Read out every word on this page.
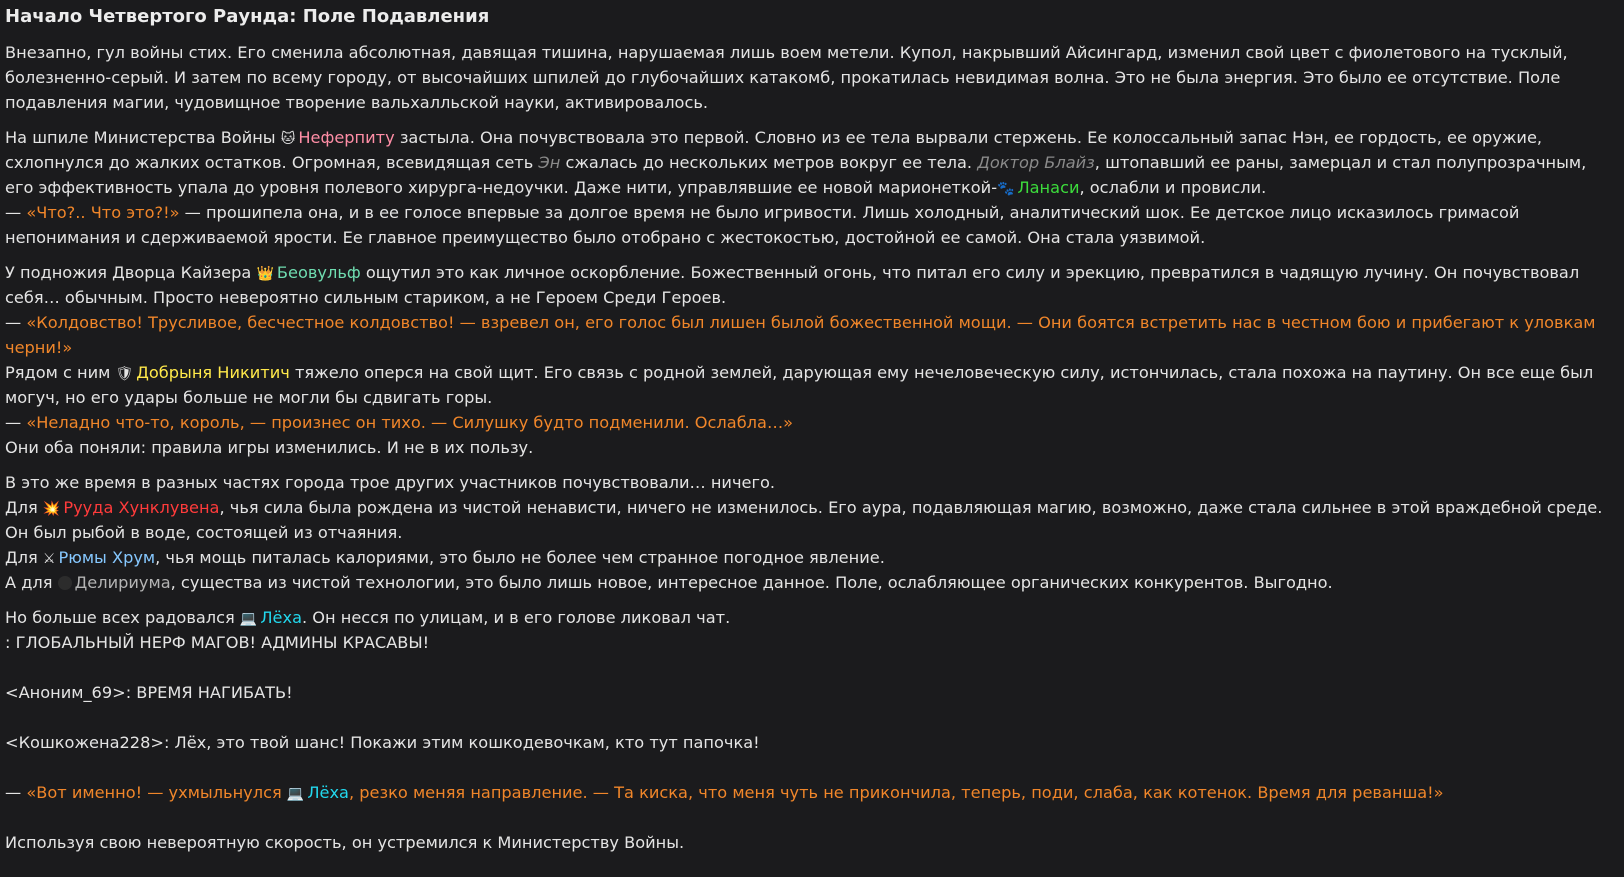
Начало Четвертого Раунда: Поле Подавления

Внезапно, гул войны стих. Его сменила абсолютная, давящая тишина, нарушаемая лишь воем метели. Купол, накрывший Айсингард, изменил свой цвет с фиолетового на тусклый, болезненно-серый. И затем по всему городу, от высочайших шпилей до глубочайших катакомб, прокатилась невидимая волна. Это не была энергия. Это было ее отсутствие. Поле подавления магии, чудовищное творение вальхалльской науки, активировалось.

На шпиле Министерства Войны 🐱 Неферпиту застыла. Она почувствовала это первой. Словно из ее тела вырвали стержень. Ее колоссальный запас Нэн, ее гордость, ее оружие, схлопнулся до жалких остатков. Огромная, всевидящая сеть Эн сжалась до нескольких метров вокруг ее тела. Доктор Блайз, штопавший ее раны, замерцал и стал полупрозрачным, его эффективность упала до уровня полевого хирурга-недоучки. Даже нити, управлявшие ее новой марионеткой-🐾 Ланаси, ослабли и провисли.
— «Что?.. Что это?!» — прошипела она, и в ее голосе впервые за долгое время не было игривости. Лишь холодный, аналитический шок. Ее детское лицо исказилось гримасой непонимания и сдерживаемой ярости. Ее главное преимущество было отобрано с жестокостью, достойной ее самой. Она стала уязвимой.

У подножия Дворца Кайзера 👑 Беовульф ощутил это как личное оскорбление. Божественный огонь, что питал его силу и эрекцию, превратился в чадящую лучину. Он почувствовал себя… обычным. Просто невероятно сильным стариком, а не Героем Среди Героев.
— «Колдовство! Трусливое, бесчестное колдовство! — взревел он, его голос был лишен былой божественной мощи. — Они боятся встретить нас в честном бою и прибегают к уловкам черни!»
Рядом с ним 🛡 Добрыня Никитич тяжело оперся на свой щит. Его связь с родной землей, дарующая ему нечеловеческую силу, истончилась, стала похожа на паутину. Он все еще был могуч, но его удары больше не могли бы сдвигать горы.
— «Неладно что-то, король, — произнес он тихо. — Силушку будто подменили. Ослабла…»
Они оба поняли: правила игры изменились. И не в их пользу.

В это же время в разных частях города трое других участников почувствовали… ничего.
Для 💥 Рууда Хунклувена, чья сила была рождена из чистой ненависти, ничего не изменилось. Его аура, подавляющая магию, возможно, даже стала сильнее в этой враждебной среде. Он был рыбой в воде, состоящей из отчаяния.
Для ⚔ Рюмы Хрум, чья мощь питалась калориями, это было не более чем странное погодное явление.
А для Делириума, существа из чистой технологии, это было лишь новое, интересное данное. Поле, ослабляющее органических конкурентов. Выгодно.

Но больше всех радовался 💻 Лёха. Он несся по улицам, и в его голове ликовал чат.
: ГЛОБАЛЬНЫЙ НЕРФ МАГОВ! АДМИНЫ КРАСАВЫ!
<Аноним_69>: ВРЕМЯ НАГИБАТЬ!
<Кошкожена228>: Лёх, это твой шанс! Покажи этим кошкодевочкам, кто тут папочка!
— «Вот именно! — ухмыльнулся 💻 Лёха, резко меняя направление. — Та киска, что меня чуть не прикончила, теперь, поди, слаба, как котенок. Время для реванша!»
Используя свою невероятную скорость, он устремился к Министерству Войны.
